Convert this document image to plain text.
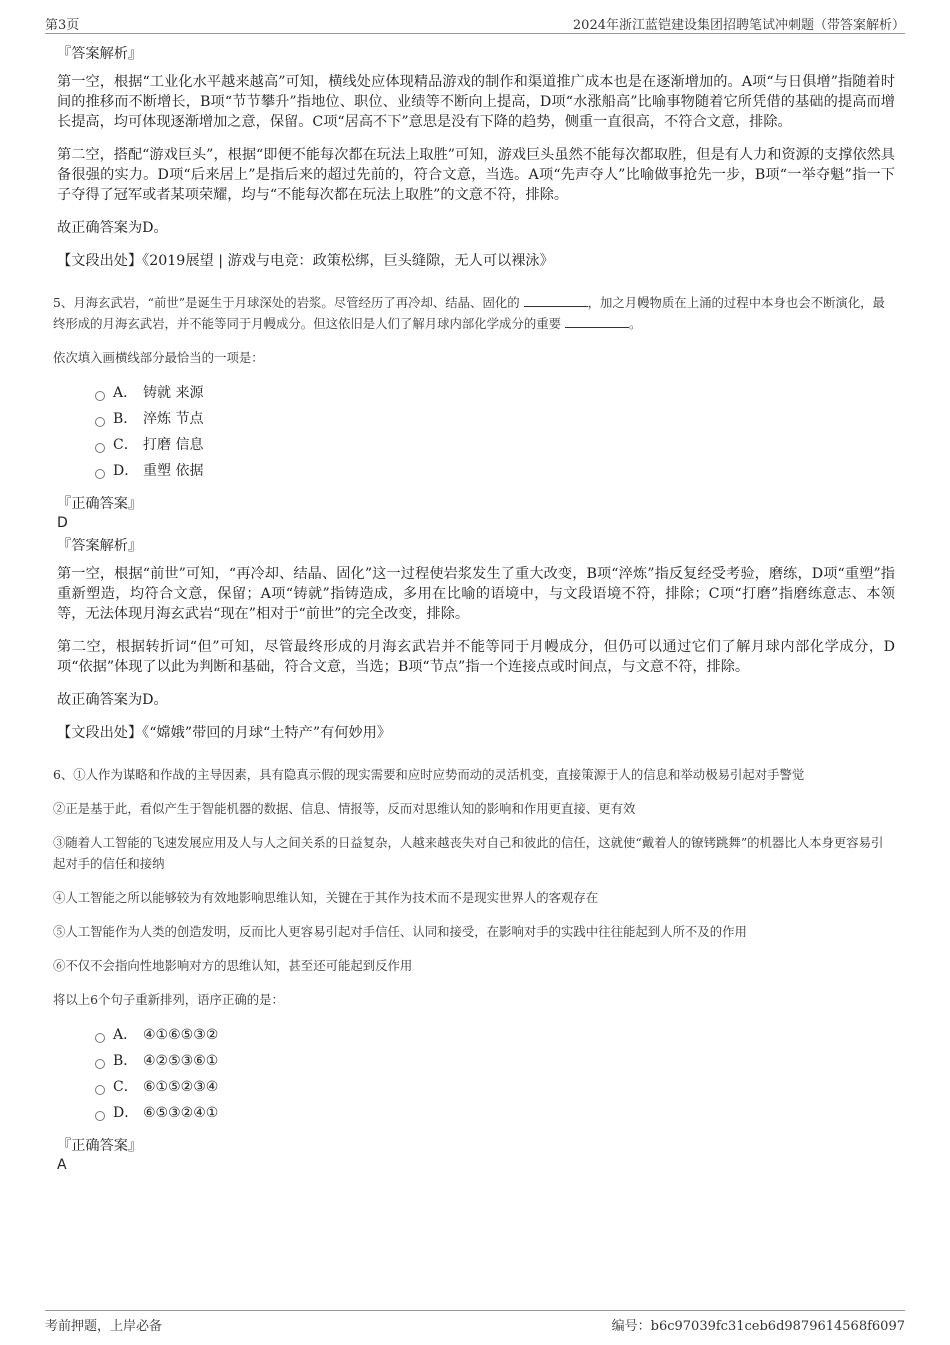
第3页	2024年浙江蓝铠建设集团招聘笔试冲刺题（带答案解析）
『答案解析』

第一空，根据“工业化水平越来越高”可知，横线处应体现精品游戏的制作和渠道推广成本也是在逐渐增加的。A项“与日俱增”指随着时间的推移而不断增长，B项“节节攀升”指地位、职位、业绩等不断向上提高，D项“水涨船高”比喻事物随着它所凭借的基础的提高而增长提高，均可体现逐渐增加之意，保留。C项“居高不下”意思是没有下降的趋势，侧重一直很高，不符合文意，排除。

第二空，搭配“游戏巨头”，根据“即便不能每次都在玩法上取胜”可知，游戏巨头虽然不能每次都取胜，但是有人力和资源的支撑依然具备很强的实力。D项“后来居上”是指后来的超过先前的，符合文意，当选。A项“先声夺人”比喻做事抢先一步，B项“一举夺魁”指一下子夺得了冠军或者某项荣耀，均与“不能每次都在玩法上取胜”的文意不符，排除。

故正确答案为D。

【文段出处】《2019展望 | 游戏与电竞：政策松绑，巨头缝隙，无人可以裸泳》

5、月海玄武岩，“前世”是诞生于月球深处的岩浆。尽管经历了再冷却、结晶、固化的	，加之月幔物质在上涌的过程中本身也会不断演化，最终形成的月海玄武岩，并不能等同于月幔成分。但这依旧是人们了解月球内部化学成分的重要	。

依次填入画横线部分最恰当的一项是：

A． 铸就 来源
B． 淬炼 节点
C． 打磨 信息
D． 重塑 依据
『正确答案』
D
『答案解析』

第一空，根据“前世”可知，“再冷却、结晶、固化”这一过程使岩浆发生了重大改变，B项“淬炼”指反复经受考验，磨练，D项“重塑”指重新塑造，均符合文意，保留；A项“铸就”指铸造成，多用在比喻的语境中，与文段语境不符，排除；C项“打磨”指磨练意志、本领等，无法体现月海玄武岩“现在”相对于“前世”的完全改变，排除。

第二空，根据转折词“但”可知，尽管最终形成的月海玄武岩并不能等同于月幔成分，但仍可以通过它们了解月球内部化学成分，D项“依据”体现了以此为判断和基础，符合文意，当选；B项“节点”指一个连接点或时间点，与文意不符，排除。

故正确答案为D。

【文段出处】《“嫦娥”带回的月球“土特产”有何妙用》

6、①人作为谋略和作战的主导因素，具有隐真示假的现实需要和应时应势而动的灵活机变，直接策源于人的信息和举动极易引起对手警觉

②正是基于此，看似产生于智能机器的数据、信息、情报等，反而对思维认知的影响和作用更直接、更有效

③随着人工智能的飞速发展应用及人与人之间关系的日益复杂，人越来越丧失对自己和彼此的信任，这就使“戴着人的镣铐跳舞”的机器比人本身更容易引起对手的信任和接纳

④人工智能之所以能够较为有效地影响思维认知，关键在于其作为技术而不是现实世界人的客观存在

⑤人工智能作为人类的创造发明，反而比人更容易引起对手信任、认同和接受，在影响对手的实践中往往能起到人所不及的作用

⑥不仅不会指向性地影响对方的思维认知，甚至还可能起到反作用

将以上6个句子重新排列，语序正确的是：

A． ④①⑥⑤③②
B． ④②⑤③⑥①
C． ⑥①⑤②③④
D． ⑥⑤③②④①
『正确答案』
A
考前押题，上岸必备	编号：b6c97039fc31ceb6d9879614568f6097
